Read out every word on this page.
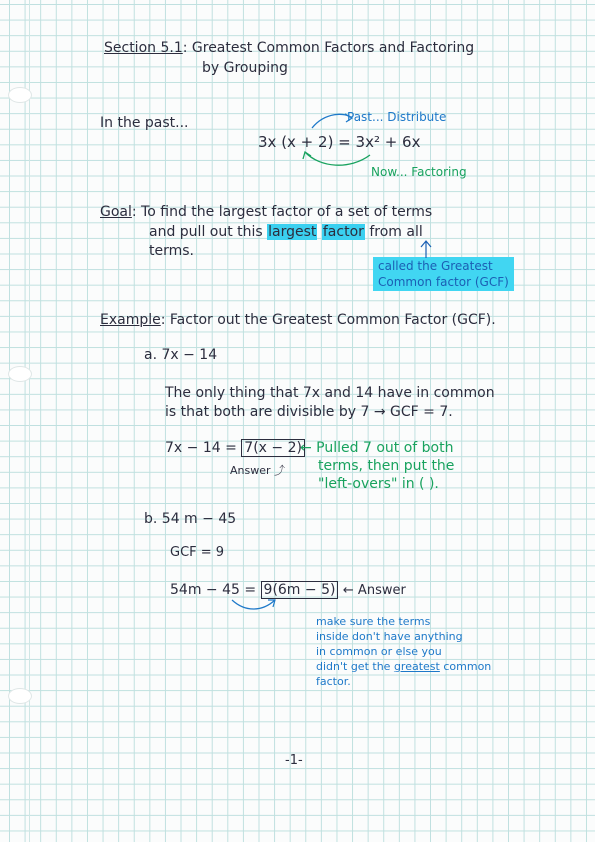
Section 5.1: Greatest Common Factors and Factoring
by Grouping
In the past...	Past... Distribute
3x (x + 2) = 3x² + 6x
Now... Factoring
Goal: To find the largest factor of a set of terms
and pull out this largest factor from all
terms.
called the Greatest
Common factor (GCF)
Example: Factor out the Greatest Common Factor (GCF).
a. 7x − 14
The only thing that 7x and 14 have in common
is that both are divisible by 7 → GCF = 7.
7x − 14 = 7(x − 2)
← Pulled 7 out of both
terms, then put the
"left-overs" in ( ).
Answer ⤴
b. 54 m − 45
GCF = 9
54m − 45 = 9(6m − 5) ← Answer
make sure the terms
inside don't have anything
in common or else you
didn't get the greatest common
factor.
-1-
